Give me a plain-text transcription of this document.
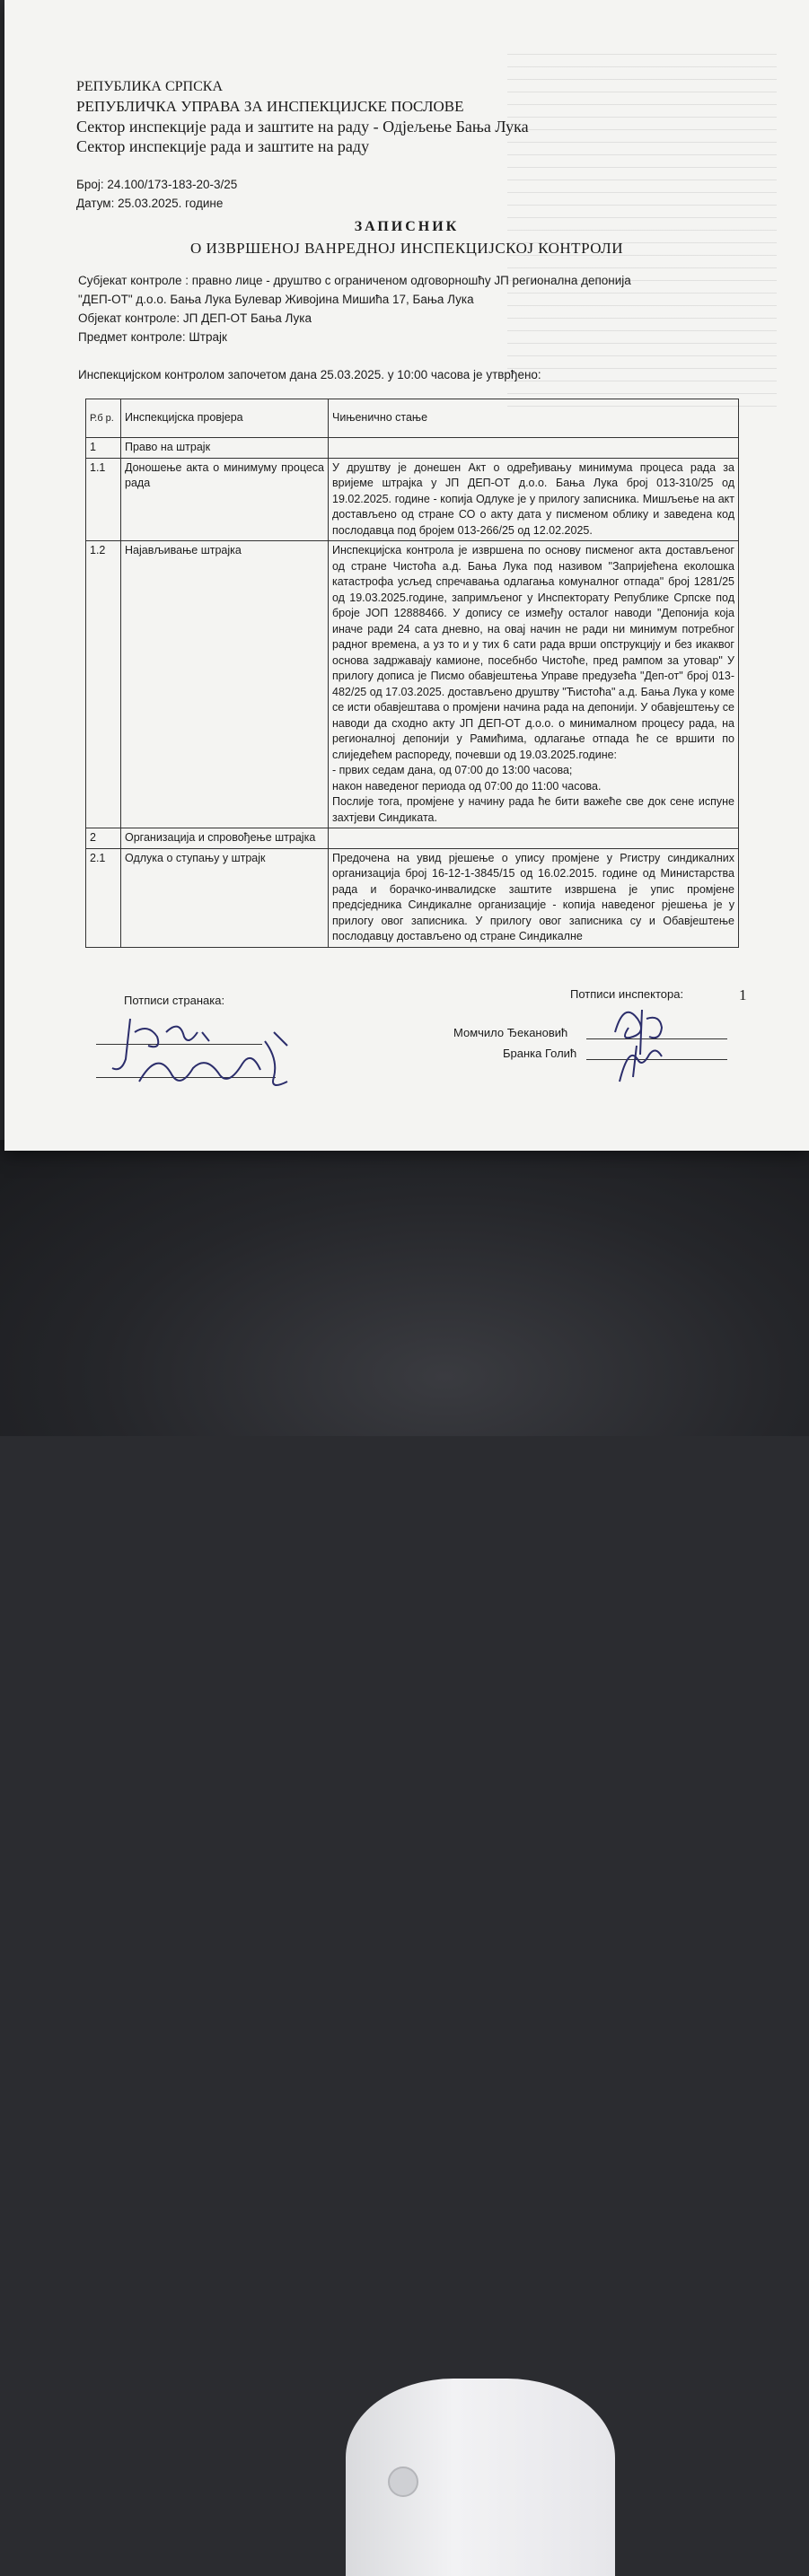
РЕПУБЛИКА СРПСКА
РЕПУБЛИЧКА УПРАВА ЗА ИНСПЕКЦИЈСКЕ ПОСЛОВЕ
Сектор инспекције рада и заштите на раду - Одјељење Бања Лука
Сектор инспекције рада и заштите на раду
Број: 24.100/173-183-20-3/25
Датум: 25.03.2025. године
ЗАПИСНИК
О ИЗВРШЕНОЈ ВАНРЕДНОЈ ИНСПЕКЦИЈСКОЈ КОНТРОЛИ

Субјекат контроле : правно лице - друштво с ограниченом одговорношћу ЈП регионална депонија

"ДЕП-ОТ" д.о.о. Бања Лука Булевар Живојина Мишића 17, Бања Лука

Објекат контроле: ЈП ДЕП-ОТ Бања Лука

Предмет контроле: Штрајк

Инспекцијском контролом започетом дана 25.03.2025. у 10:00 часова је утврђено:
Р.б р.	Инспекцијска провјера	Чињенично стање
1	Право на штрајк	
1.1	Доношење акта о минимуму процеса рада	У друштву је донешен Акт о одређивању минимума процеса рада за вријеме штрајка у ЈП ДЕП-ОТ д.о.о. Бања Лука број 013-310/25 од 19.02.2025. године - копија Одлуке је у прилогу записника. Мишљење на акт достављено од стране СО о акту дата у писменом облику и заведена код послодавца под бројем 013-266/25 од 12.02.2025.
1.2	Најављивање штрајка	Инспекцијска контрола је извршена по основу писменог акта достављеног од стране Чистоћа а.д. Бања Лука под називом "Запријећена еколошка катастрофа усљед спречавања одлагања комуналног отпада" број 1281/25 од 19.03.2025.године, запримљеног у Инспекторату Републике Српске под броје ЈОП 12888466. У допису се између осталог наводи "Депонија која иначе ради 24 сата дневно, на овај начин не ради ни минимум потребног радног времена, а уз то и у тих 6 сати рада врши опструкцију и без икаквог основа задржавају камионе, посебнбо Чистоће, пред рампом за утовар" У прилогу дописа је Писмо обавјештења Управе предузећа "Деп-от" број 013-482/25 од 17.03.2025. достављено друштву "Ћистоћа" а.д. Бања Лука у коме се исти обавјештава о промјени начина рада на депонији. У обавјештењу се наводи да сходно акту ЈП ДЕП-ОТ д.о.о. о минималном процесу рада, на регионалној депонији у Рамићима, одлагање отпада ће се вршити по слиједећем распореду, почевши од 19.03.2025.године:
- првих седам дана, од 07:00 до 13:00 часова;
након наведеног периода од 07:00 до 11:00 часова.
Послије тога, промјене у начину рада ће бити важеће све док сене испуне захтјеви Синдиката.

2	Организација и спровођење штрајка	
2.1	Одлука о ступању у штрајк	Предочена на увид рјешење о упису промјене у Ргистру синдикалних организација број 16-12-1-3845/15 од 16.02.2015. године од Министарства рада и борачко-инвалидске заштите извршена је упис промјене предсједника Синдикалне организације - копија наведеног рјешења је у прилогу овог записника. У прилогу овог записника су и Обавјештење послодавцу достављено од стране Синдикалне
Потписи странака:	Потписи инспектора:	1
Момчило Ђекановић
Бранка Голић
